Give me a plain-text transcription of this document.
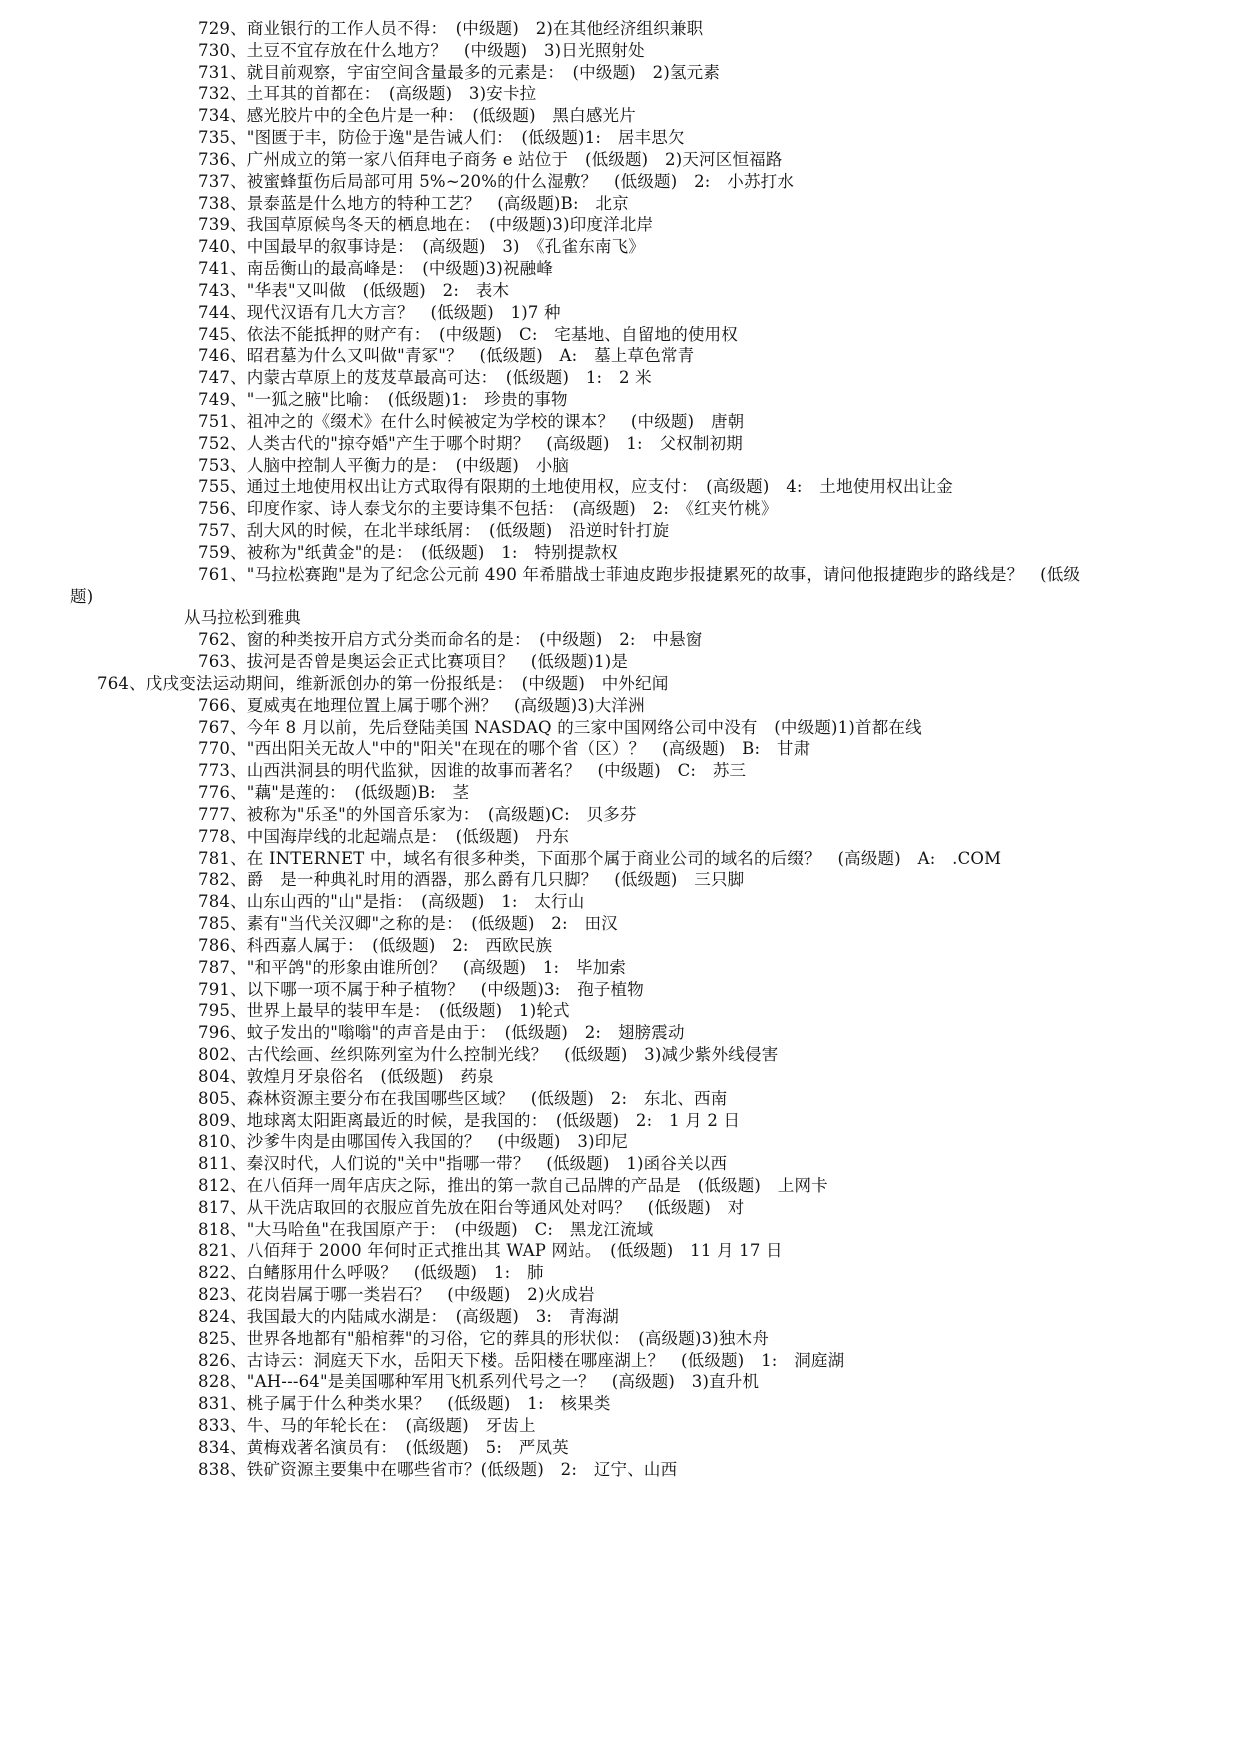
729、商业银行的工作人员不得：　(中级题)　2)在其他经济组织兼职

730、土豆不宜存放在什么地方？　(中级题)　3)日光照射处

731、就目前观察，宇宙空间含量最多的元素是：　(中级题)　2)氢元素

732、土耳其的首都在：　(高级题)　3)安卡拉

734、感光胶片中的全色片是一种：　(低级题)　黑白感光片

735、"图匮于丰，防俭于逸"是告诫人们：　(低级题)1:　居丰思欠

736、广州成立的第一家八佰拜电子商务 e 站位于　(低级题)　2)天河区恒福路

737、被蜜蜂蜇伤后局部可用 5%~20%的什么湿敷？　(低级题)　2:　小苏打水

738、景泰蓝是什么地方的特种工艺？　(高级题)B:　北京

739、我国草原候鸟冬天的栖息地在：　(中级题)3)印度洋北岸

740、中国最早的叙事诗是：　(高级题)　3)　《孔雀东南飞》

741、南岳衡山的最高峰是：　(中级题)3)祝融峰

743、"华表"又叫做　(低级题)　2:　表木

744、现代汉语有几大方言？　(低级题)　1)7 种

745、依法不能抵押的财产有：　(中级题)　C:　宅基地、自留地的使用权

746、昭君墓为什么又叫做"青冢"？　(低级题)　A:　墓上草色常青

747、内蒙古草原上的芨芨草最高可达：　(低级题)　1:　2 米

749、"一狐之腋"比喻：　(低级题)1:　珍贵的事物

751、祖冲之的《缀术》在什么时候被定为学校的课本？　(中级题)　唐朝

752、人类古代的"掠夺婚"产生于哪个时期？　(高级题)　1:　父权制初期

753、人脑中控制人平衡力的是：　(中级题)　小脑

755、通过土地使用权出让方式取得有限期的土地使用权，应支付：　(高级题)　4:　土地使用权出让金

756、印度作家、诗人泰戈尔的主要诗集不包括：　(高级题)　2:　《红夹竹桃》

757、刮大风的时候，在北半球纸屑：　(低级题)　沿逆时针打旋

759、被称为"纸黄金"的是：　(低级题)　1:　特别提款权

761、"马拉松赛跑"是为了纪念公元前 490 年希腊战士菲迪皮跑步报捷累死的故事，请问他报捷跑步的路线是？　(低级

题)

从马拉松到雅典

762、窗的种类按开启方式分类而命名的是：　(中级题)　2:　中悬窗

763、拔河是否曾是奥运会正式比赛项目？　(低级题)1)是

764、戊戌变法运动期间，维新派创办的第一份报纸是：　(中级题)　中外纪闻

766、夏威夷在地理位置上属于哪个洲？　(高级题)3)大洋洲

767、今年 8 月以前，先后登陆美国 NASDAQ 的三家中国网络公司中没有　(中级题)1)首都在线

770、"西出阳关无故人"中的"阳关"在现在的哪个省（区）？　(高级题)　B:　甘肃

773、山西洪洞县的明代监狱，因谁的故事而著名？　(中级题)　C:　苏三

776、"藕"是莲的：　(低级题)B:　茎

777、被称为"乐圣"的外国音乐家为：　(高级题)C:　贝多芬

778、中国海岸线的北起端点是：　(低级题)　丹东

781、在 INTERNET 中，域名有很多种类，下面那个属于商业公司的域名的后缀？　(高级题)　A:　.COM

782、爵　是一种典礼时用的酒器，那么爵有几只脚？　(低级题)　三只脚

784、山东山西的"山"是指：　(高级题)　1:　太行山

785、素有"当代关汉卿"之称的是：　(低级题)　2:　田汉

786、科西嘉人属于：　(低级题)　2:　西欧民族

787、"和平鸽"的形象由谁所创？　(高级题)　1:　毕加索

791、以下哪一项不属于种子植物？　(中级题)3:　孢子植物

795、世界上最早的装甲车是：　(低级题)　1)轮式

796、蚊子发出的"嗡嗡"的声音是由于：　(低级题)　2:　翅膀震动

802、古代绘画、丝织陈列室为什么控制光线？　(低级题)　3)减少紫外线侵害

804、敦煌月牙泉俗名　(低级题)　药泉

805、森林资源主要分布在我国哪些区域？　(低级题)　2:　东北、西南

809、地球离太阳距离最近的时候，是我国的：　(低级题)　2:　1 月 2 日

810、沙爹牛肉是由哪国传入我国的？　(中级题)　3)印尼

811、秦汉时代，人们说的"关中"指哪一带？　(低级题)　1)函谷关以西

812、在八佰拜一周年店庆之际，推出的第一款自己品牌的产品是　(低级题)　上网卡

817、从干洗店取回的衣服应首先放在阳台等通风处对吗？　(低级题)　对

818、"大马哈鱼"在我国原产于：　(中级题)　C:　黑龙江流域

821、八佰拜于 2000 年何时正式推出其 WAP 网站。　(低级题)　11 月 17 日

822、白鳍豚用什么呼吸？　(低级题)　1:　肺

823、花岗岩属于哪一类岩石？　(中级题)　2)火成岩

824、我国最大的内陆咸水湖是：　(高级题)　3:　青海湖

825、世界各地都有"船棺葬"的习俗，它的葬具的形状似：　(高级题)3)独木舟

826、古诗云：洞庭天下水，岳阳天下楼。岳阳楼在哪座湖上？　(低级题)　1:　洞庭湖

828、"AH---64"是美国哪种军用飞机系列代号之一？　(高级题)　3)直升机

831、桃子属于什么种类水果？　(低级题)　1:　核果类

833、牛、马的年轮长在：　(高级题)　牙齿上

834、黄梅戏著名演员有：　(低级题)　5:　严凤英

838、铁矿资源主要集中在哪些省市？(低级题)　2:　辽宁、山西
